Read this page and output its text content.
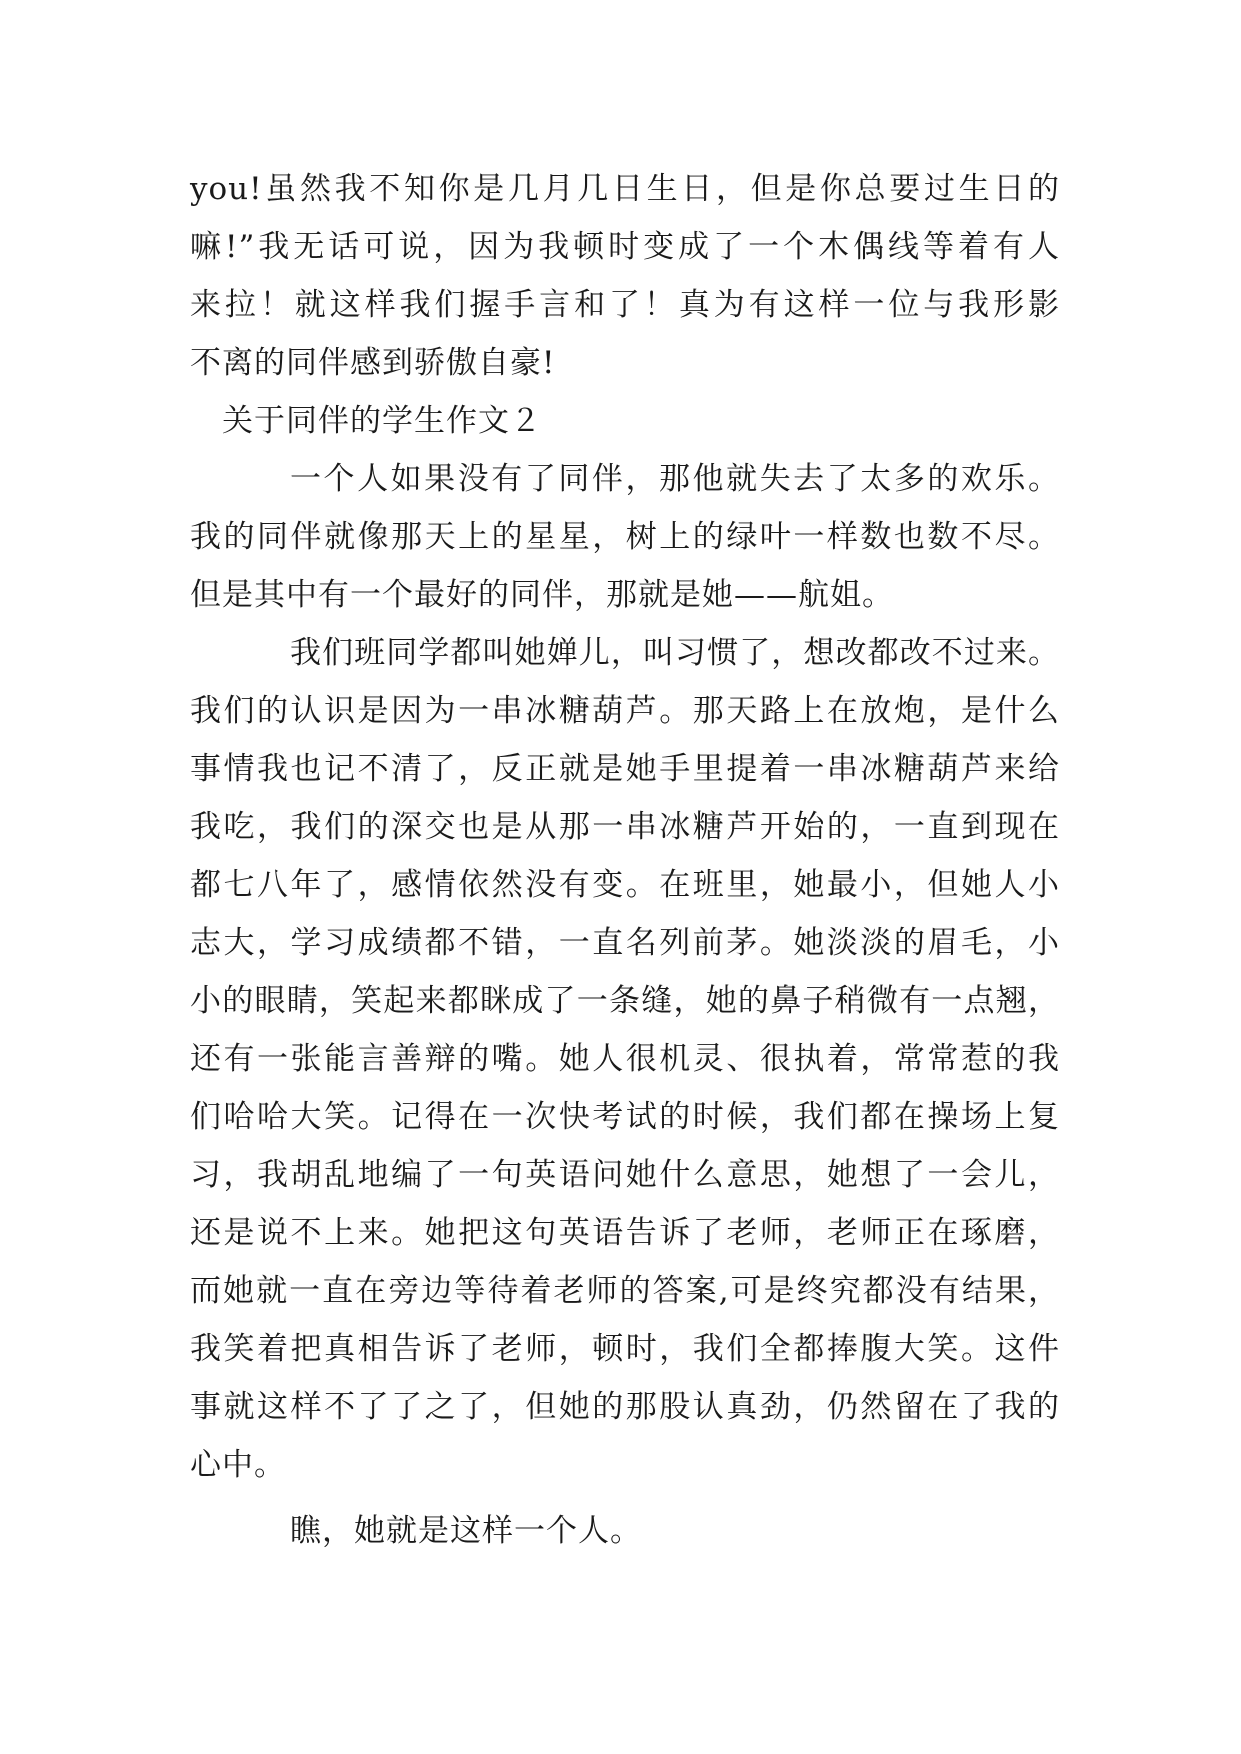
you!虽然我不知你是几月几日生日，但是你总要过生日的
嘛!”我无话可说，因为我顿时变成了一个木偶线等着有人
来拉！就这样我们握手言和了！真为有这样一位与我形影
不离的同伴感到骄傲自豪!
关于同伴的学生作文２
一个人如果没有了同伴，那他就失去了太多的欢乐。
我的同伴就像那天上的星星，树上的绿叶一样数也数不尽。
但是其中有一个最好的同伴，那就是她——航姐。
我们班同学都叫她婵儿，叫习惯了，想改都改不过来。
我们的认识是因为一串冰糖葫芦。那天路上在放炮，是什么
事情我也记不清了，反正就是她手里提着一串冰糖葫芦来给
我吃，我们的深交也是从那一串冰糖芦开始的，一直到现在
都七八年了，感情依然没有变。在班里，她最小，但她人小
志大，学习成绩都不错，一直名列前茅。她淡淡的眉毛，小
小的眼睛，笑起来都眯成了一条缝，她的鼻子稍微有一点翘，
还有一张能言善辩的嘴。她人很机灵、很执着，常常惹的我
们哈哈大笑。记得在一次快考试的时候，我们都在操场上复
习，我胡乱地编了一句英语问她什么意思，她想了一会儿，
还是说不上来。她把这句英语告诉了老师，老师正在琢磨，
而她就一直在旁边等待着老师的答案,可是终究都没有结果，
我笑着把真相告诉了老师，顿时，我们全都捧腹大笑。这件
事就这样不了了之了，但她的那股认真劲，仍然留在了我的
心中。
瞧，她就是这样一个人。
